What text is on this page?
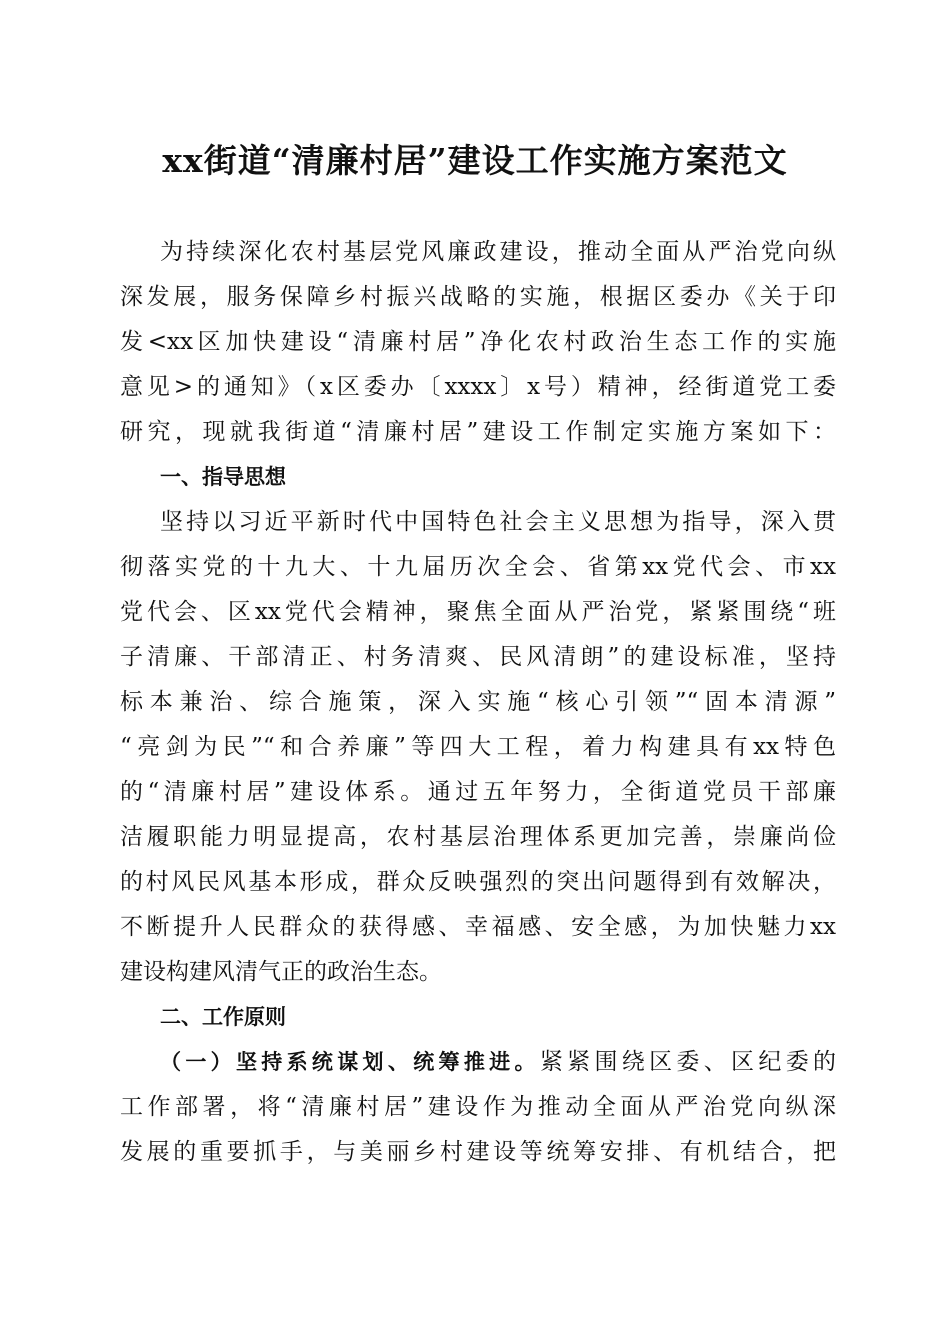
xx街道“清廉村居”建设工作实施方案范文
为持续深化农村基层党风廉政建设，推动全面从严治党向纵
深发展，服务保障乡村振兴战略的实施，根据区委办《关于印
发<xx区加快建设“清廉村居”净化农村政治生态工作的实施
意见>的通知》（x区委办〔xxxx〕x号）精神，经街道党工委
研究，现就我街道“清廉村居”建设工作制定实施方案如下：
一、指导思想
坚持以习近平新时代中国特色社会主义思想为指导，深入贯
彻落实党的十九大、十九届历次全会、省第xx党代会、市xx
党代会、区xx党代会精神，聚焦全面从严治党，紧紧围绕“班
子清廉、干部清正、村务清爽、民风清朗”的建设标准，坚持
标本兼治、综合施策，深入实施“核心引领”“固本清源”
“亮剑为民”“和合养廉”等四大工程，着力构建具有xx特色
的“清廉村居”建设体系。通过五年努力，全街道党员干部廉
洁履职能力明显提高，农村基层治理体系更加完善，崇廉尚俭
的村风民风基本形成，群众反映强烈的突出问题得到有效解决，
不断提升人民群众的获得感、幸福感、安全感，为加快魅力xx
建设构建风清气正的政治生态。
二、工作原则
（一）坚持系统谋划、统筹推进。紧紧围绕区委、区纪委的
工作部署，将“清廉村居”建设作为推动全面从严治党向纵深
发展的重要抓手，与美丽乡村建设等统筹安排、有机结合，把
